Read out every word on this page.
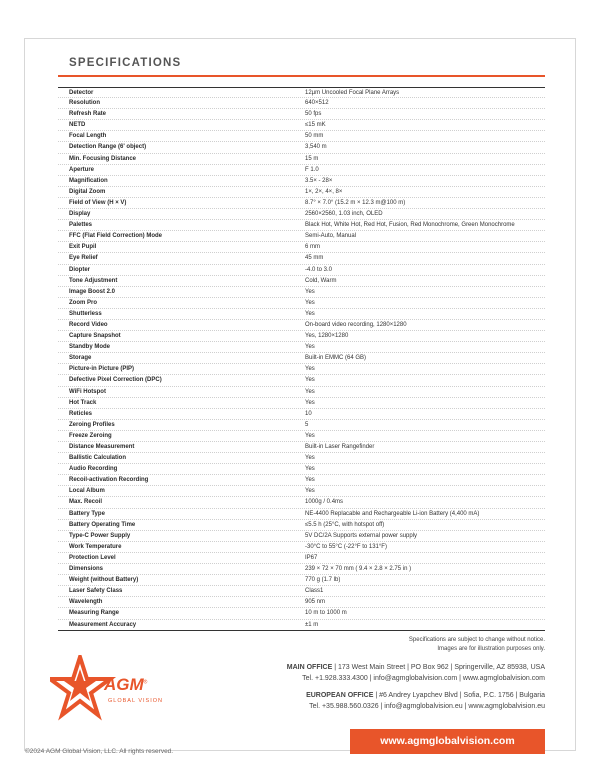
SPECIFICATIONS
Detector	12µm Uncooled Focal Plane Arrays
Resolution	640×512
Refresh Rate	50 fps
NETD	≤15 mK
Focal Length	50 mm
Detection Range (6' object)	3,540 m
Min. Focusing Distance	15 m
Aperture	F 1.0
Magnification	3.5× - 28×
Digital Zoom	1×, 2×, 4×, 8×
Field of View (H × V)	8.7° × 7.0° (15.2 m × 12.3 m@100 m)
Display	2560×2560, 1.03 inch, OLED
Palettes	Black Hot, White Hot, Red Hot, Fusion, Red Monochrome, Green Monochrome
FFC (Flat Field Correction) Mode	Semi-Auto, Manual
Exit Pupil	6 mm
Eye Relief	45 mm
Diopter	-4.0 to 3.0
Tone Adjustment	Cold, Warm
Image Boost 2.0	Yes
Zoom Pro	Yes
Shutterless	Yes
Record Video	On-board video recording, 1280×1280
Capture Snapshot	Yes, 1280×1280
Standby Mode	Yes
Storage	Built-in EMMC (64 GB)
Picture-in Picture (PIP)	Yes
Defective Pixel Correction (DPC)	Yes
WiFi Hotspot	Yes
Hot Track	Yes
Reticles	10
Zeroing Profiles	5
Freeze Zeroing	Yes
Distance Measurement	Built-in Laser Rangefinder
Ballistic Calculation	Yes
Audio Recording	Yes
Recoil-activation Recording	Yes
Local Album	Yes
Max. Recoil	1000g / 0.4ms
Battery Type	NE-4400 Replacable and Rechargeable Li-ion Battery (4,400 mA)
Battery Operating Time	≤5.5 h (25°C, with hotspot off)
Type-C Power Supply	5V DC/2A Supports external power supply
Work Temperature	-30°C to 55°C (-22°F to 131°F)
Protection Level	IP67
Dimensions	239 × 72 × 70 mm ( 9.4 × 2.8 × 2.75 in )
Weight (without Battery)	770 g (1.7 lb)
Laser Safety Class	Class1
Wavelength	905 nm
Measuring Range	10 m to 1000 m
Measurement Accuracy	±1 m
Specifications are subject to change without notice.
Images are for illustration purposes only.
AGM®
GLOBAL VISION
MAIN OFFICE | 173 West Main Street | PO Box 962 | Springerville, AZ 85938, USA
Tel. +1.928.333.4300 | info@agmglobalvision.com | www.agmglobalvision.com
EUROPEAN OFFICE | #6 Andrey Lyapchev Blvd | Sofia, P.C. 1756 | Bulgaria
Tel. +35.988.560.0326 | info@agmglobalvision.eu | www.agmglobalvision.eu
www.agmglobalvision.com
©2024 AGM Global Vision, LLC. All rights reserved.
